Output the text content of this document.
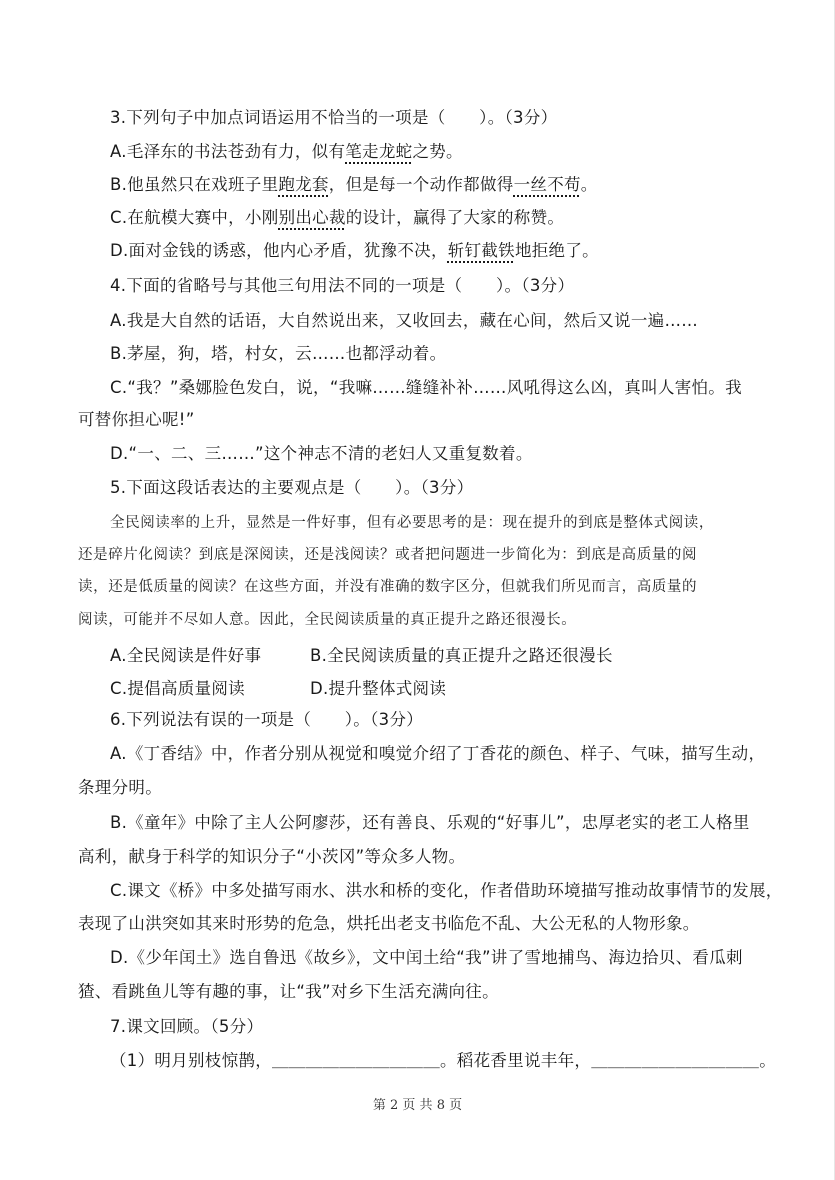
3.下列句子中加点词语运用不恰当的一项是（　　）。（3分）
A.毛泽东的书法苍劲有力，似有笔走龙蛇之势。
B.他虽然只在戏班子里跑龙套，但是每一个动作都做得一丝不苟。
C.在航模大赛中，小刚别出心裁的设计，赢得了大家的称赞。
D.面对金钱的诱惑，他内心矛盾，犹豫不决，斩钉截铁地拒绝了。
4.下面的省略号与其他三句用法不同的一项是（　　）。（3分）
A.我是大自然的话语，大自然说出来，又收回去，藏在心间，然后又说一遍……
B.茅屋，狗，塔，村女，云……也都浮动着。
C.“我？”桑娜脸色发白，说，“我嘛……缝缝补补……风吼得这么凶，真叫人害怕。我
可替你担心呢!”
D.“一、二、三……”这个神志不清的老妇人又重复数着。
5.下面这段话表达的主要观点是（　　）。（3分）
全民阅读率的上升，显然是一件好事，但有必要思考的是：现在提升的到底是整体式阅读，
还是碎片化阅读？到底是深阅读，还是浅阅读？或者把问题进一步简化为：到底是高质量的阅
读，还是低质量的阅读？在这些方面，并没有准确的数字区分，但就我们所见而言，高质量的
阅读，可能并不尽如人意。因此，全民阅读质量的真正提升之路还很漫长。
A.全民阅读是件好事	B.全民阅读质量的真正提升之路还很漫长
C.提倡高质量阅读	D.提升整体式阅读
6.下列说法有误的一项是（　　）。（3分）
A.《丁香结》中，作者分别从视觉和嗅觉介绍了丁香花的颜色、样子、气味，描写生动，
条理分明。
B.《童年》中除了主人公阿廖莎，还有善良、乐观的“好事儿”，忠厚老实的老工人格里
高利，献身于科学的知识分子“小茨冈”等众多人物。
C.课文《桥》中多处描写雨水、洪水和桥的变化，作者借助环境描写推动故事情节的发展，
表现了山洪突如其来时形势的危急，烘托出老支书临危不乱、大公无私的人物形象。
D.《少年闰土》选自鲁迅《故乡》，文中闰土给“我”讲了雪地捕鸟、海边拾贝、看瓜刺
猹、看跳鱼儿等有趣的事，让“我”对乡下生活充满向往。
7.课文回顾。（5分）
（1）明月别枝惊鹊，＿＿＿＿＿＿＿＿＿＿。稻花香里说丰年，＿＿＿＿＿＿＿＿＿＿。
第 2 页 共 8 页
